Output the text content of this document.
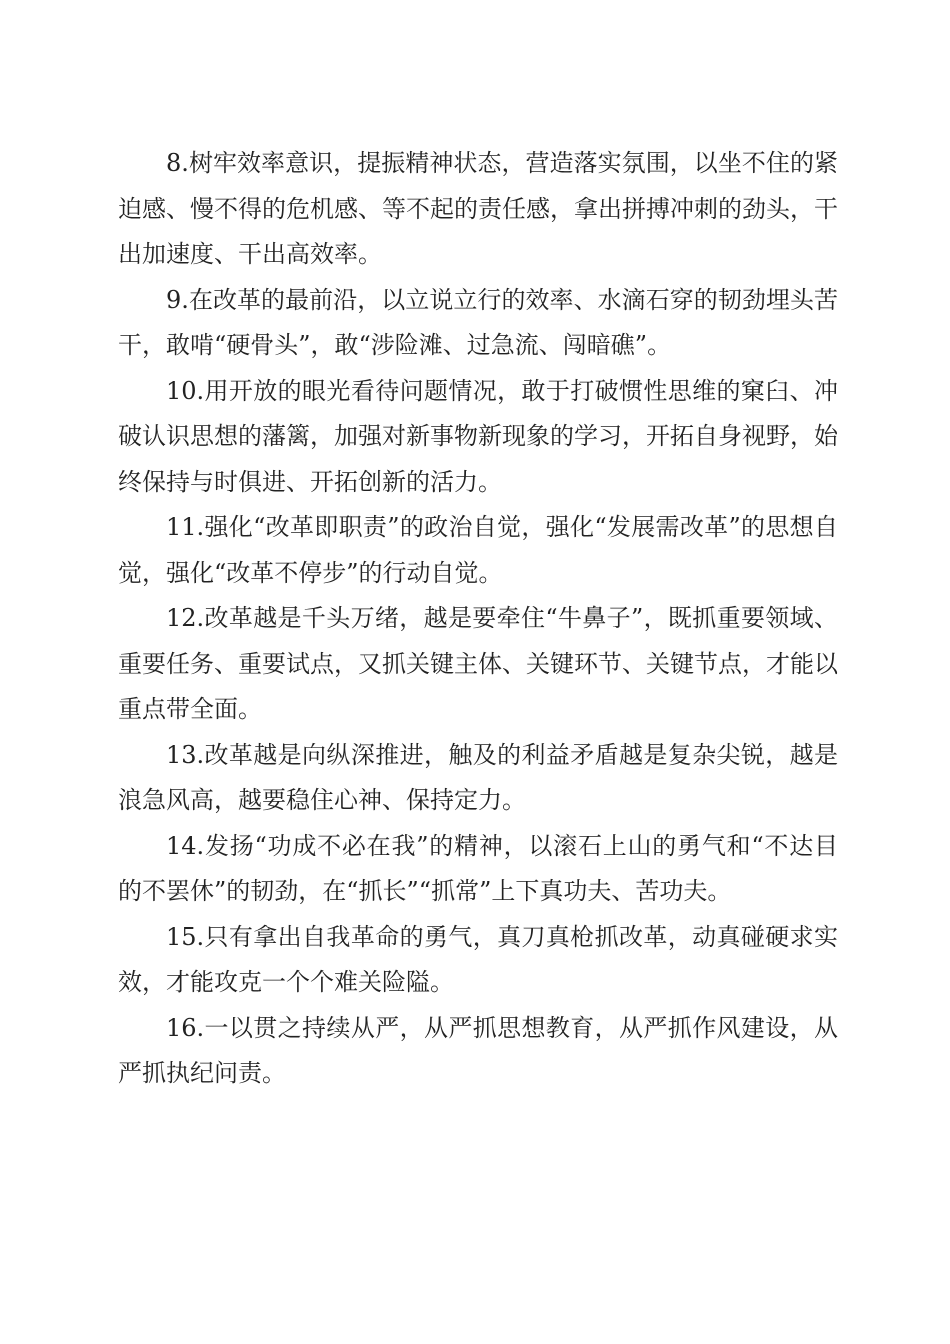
8.树牢效率意识，提振精神状态，营造落实氛围，以坐不住的紧迫感、慢不得的危机感、等不起的责任感，拿出拼搏冲刺的劲头，干出加速度、干出高效率。

9.在改革的最前沿，以立说立行的效率、水滴石穿的韧劲埋头苦干，敢啃“硬骨头”，敢“涉险滩、过急流、闯暗礁”。

10.用开放的眼光看待问题情况，敢于打破惯性思维的窠臼、冲破认识思想的藩篱，加强对新事物新现象的学习，开拓自身视野，始终保持与时俱进、开拓创新的活力。

11.强化“改革即职责”的政治自觉，强化“发展需改革”的思想自觉，强化“改革不停步”的行动自觉。

12.改革越是千头万绪，越是要牵住“牛鼻子”，既抓重要领域、重要任务、重要试点，又抓关键主体、关键环节、关键节点，才能以重点带全面。

13.改革越是向纵深推进，触及的利益矛盾越是复杂尖锐，越是浪急风高，越要稳住心神、保持定力。

14.发扬“功成不必在我”的精神，以滚石上山的勇气和“不达目的不罢休”的韧劲，在“抓长”“抓常”上下真功夫、苦功夫。

15.只有拿出自我革命的勇气，真刀真枪抓改革，动真碰硬求实效，才能攻克一个个难关险隘。

16.一以贯之持续从严，从严抓思想教育，从严抓作风建设，从严抓执纪问责。
